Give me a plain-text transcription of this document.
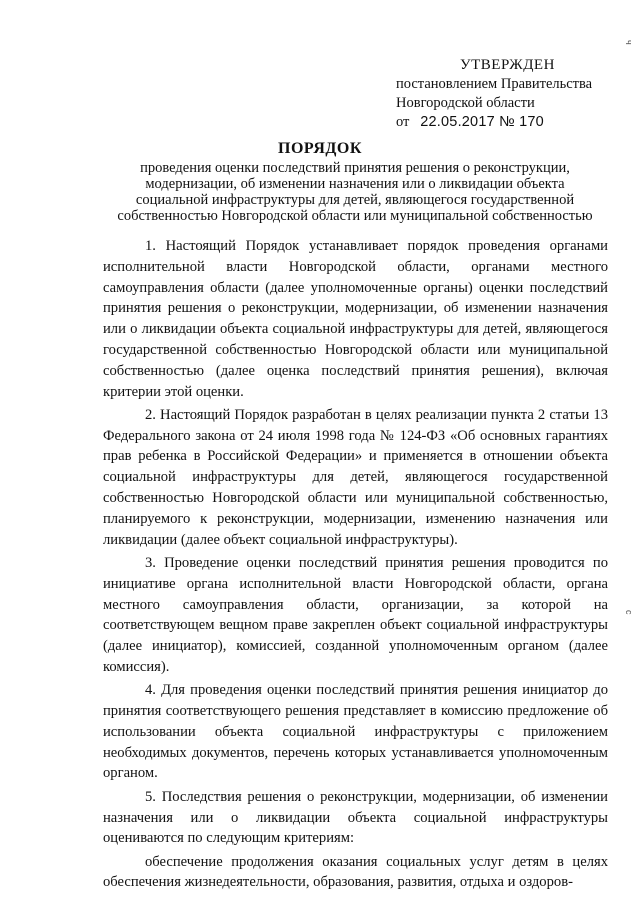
УТВЕРЖДЕН
постановлением Правительства
Новгородской области
от 22.05.2017 № 170
ПОРЯДОК
проведения оценки последствий принятия решения о реконструкции, модернизации, об изменении назначения или о ликвидации объекта социальной инфраструктуры для детей, являющегося государственной собственностью Новгородской области или муниципальной собственностью

1. Настоящий Порядок устанавливает порядок проведения органами исполнительной власти Новгородской области, органами местного самоуправления области (далее уполномоченные органы) оценки последствий принятия решения о реконструкции, модернизации, об изменении назначения или о ликвидации объекта социальной инфраструктуры для детей, являющегося государственной собственностью Новгородской области или муниципальной собственностью (далее оценка последствий принятия решения), включая критерии этой оценки.

2. Настоящий Порядок разработан в целях реализации пункта 2 статьи 13 Федерального закона от 24 июля 1998 года № 124-ФЗ «Об основных гарантиях прав ребенка в Российской Федерации» и применяется в отношении объекта социальной инфраструктуры для детей, являющегося государственной собственностью Новгородской области или муниципальной собственностью, планируемого к реконструкции, модернизации, изменению назначения или ликвидации (далее объект социальной инфраструктуры).

3. Проведение оценки последствий принятия решения проводится по инициативе органа исполнительной власти Новгородской области, органа местного самоуправления области, организации, за которой на соответствующем вещном праве закреплен объект социальной инфраструктуры (далее инициатор), комиссией, созданной уполномоченным органом (далее комиссия).

4. Для проведения оценки последствий принятия решения инициатор до принятия соответствующего решения представляет в комиссию предложение об использовании объекта социальной инфраструктуры с приложением необходимых документов, перечень которых устанавливается уполномоченным органом.

5. Последствия решения о реконструкции, модернизации, об изменении назначения или о ликвидации объекта социальной инфраструктуры оцениваются по следующим критериям:

обеспечение продолжения оказания социальных услуг детям в целях обеспечения жизнедеятельности, образования, развития, отдыха и оздоров-

ч
с
